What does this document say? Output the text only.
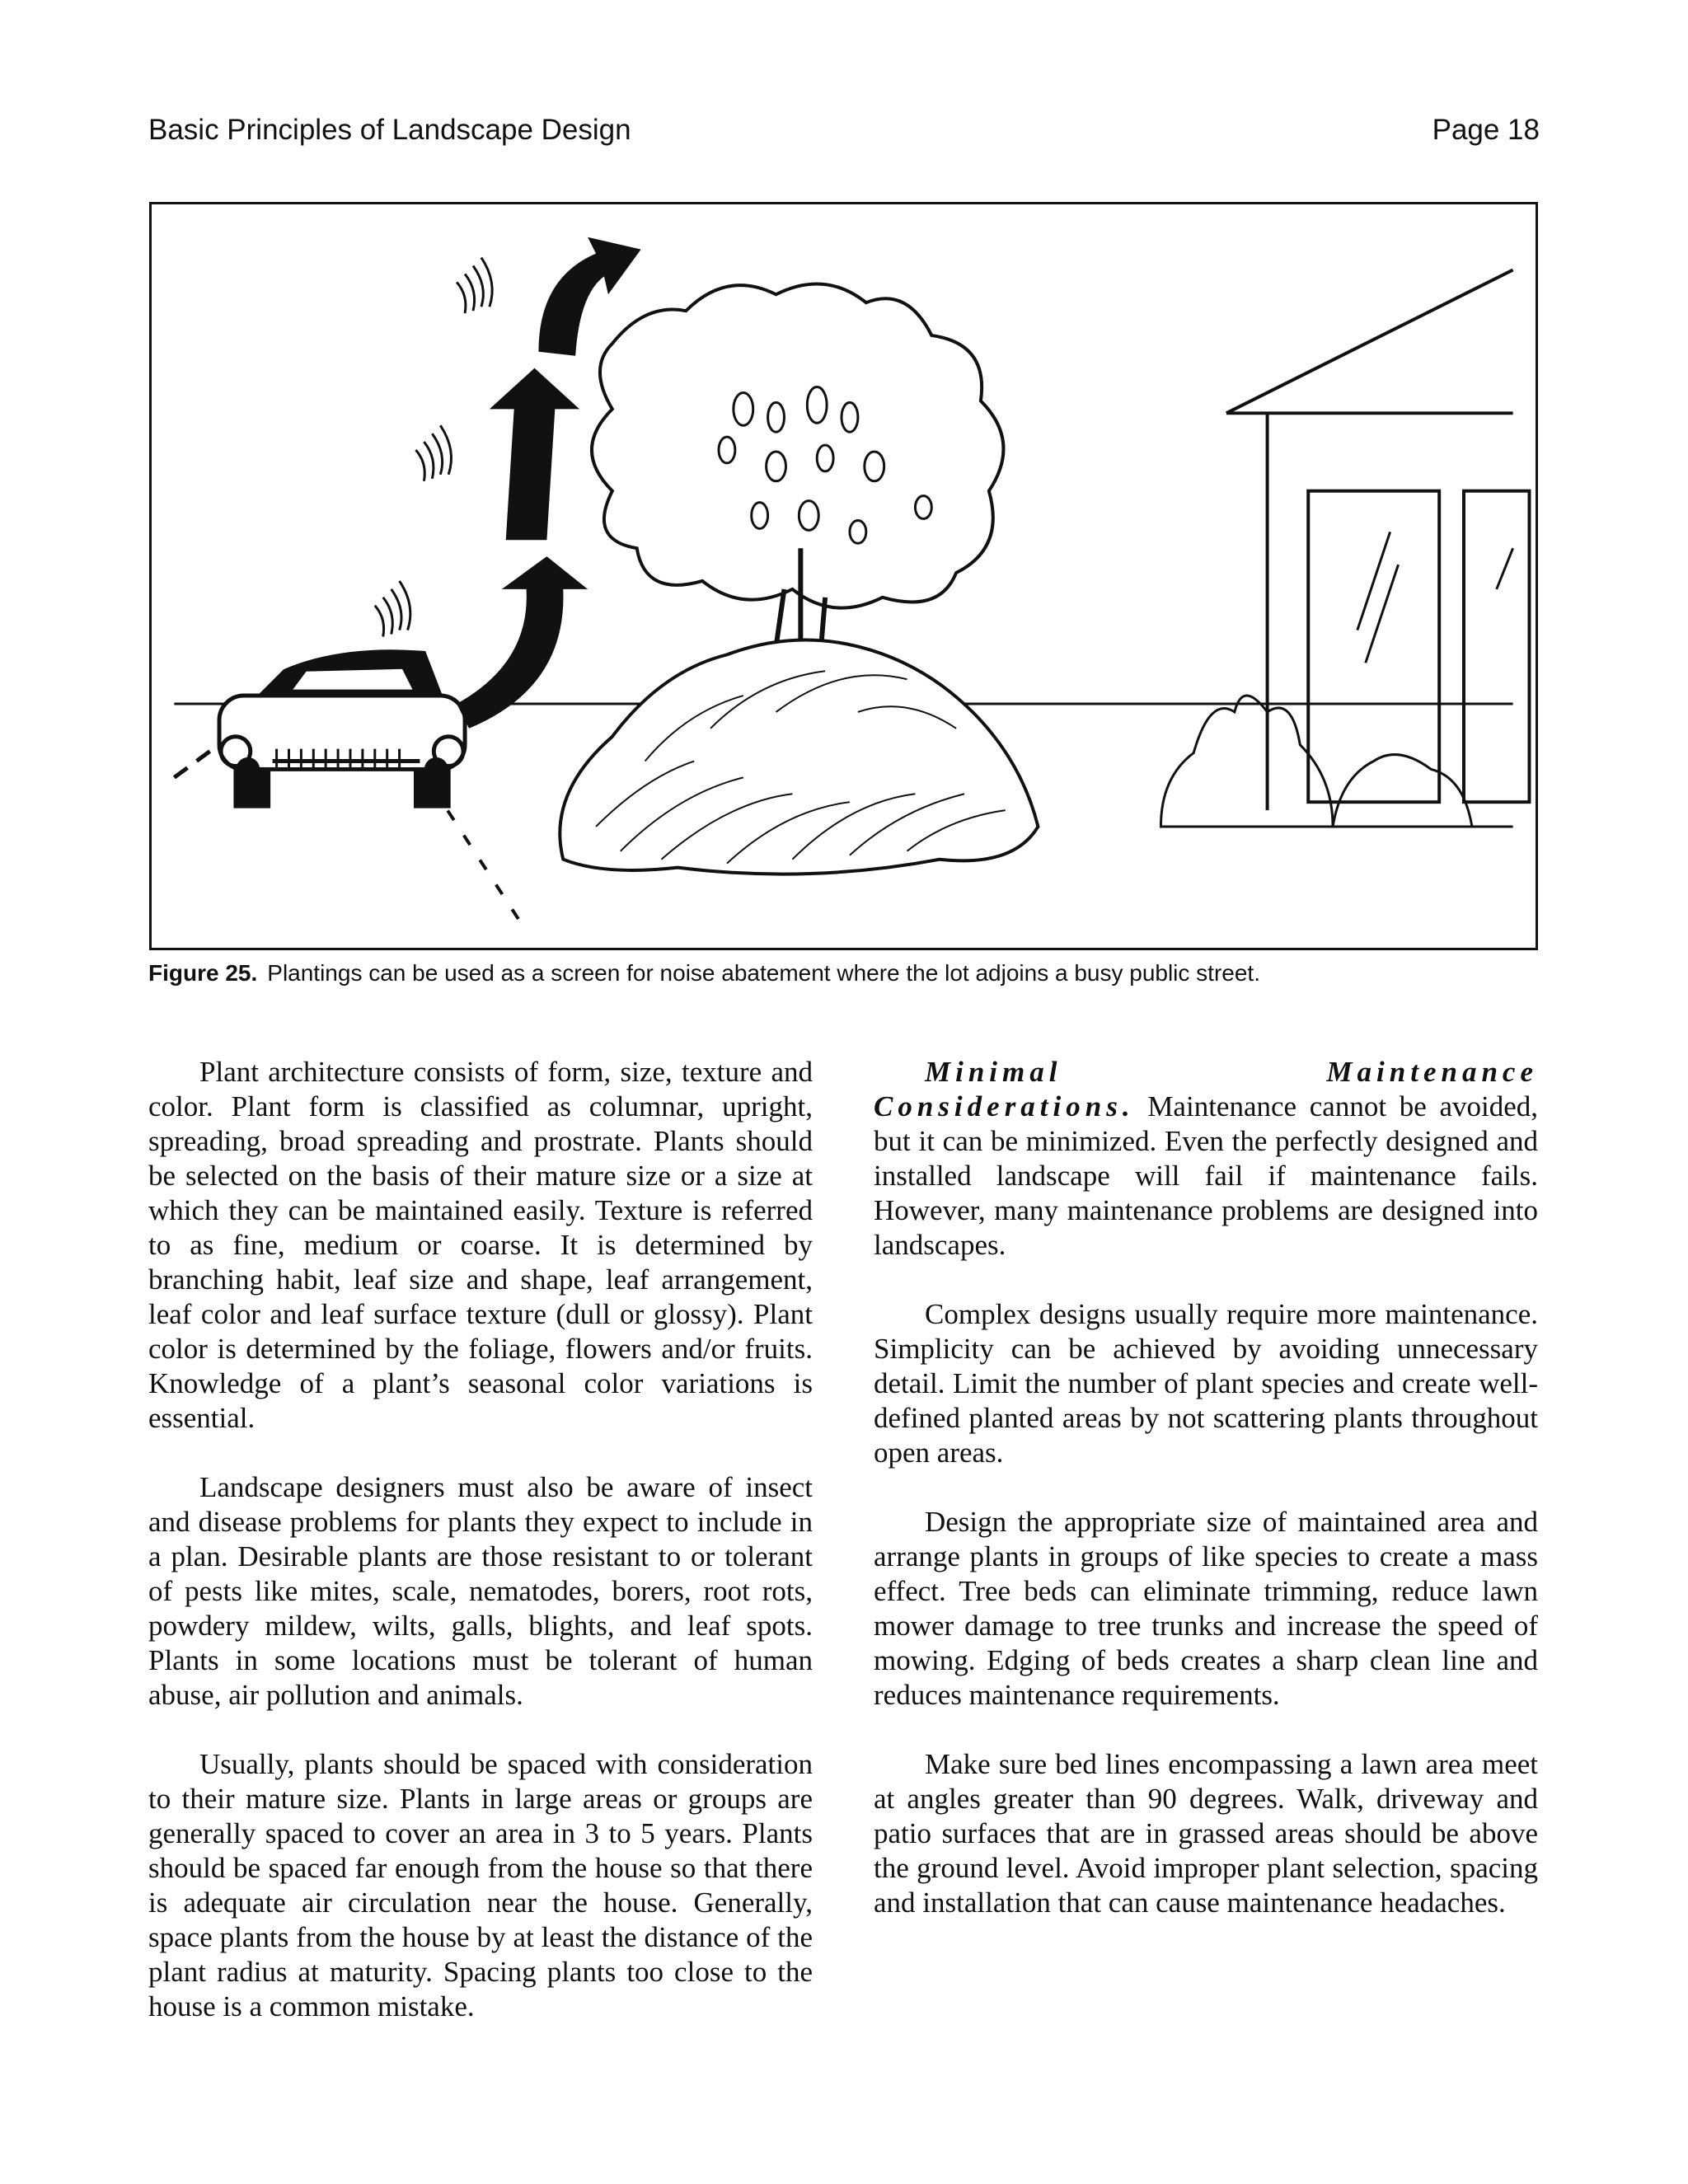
Basic Principles of Landscape Design	Page 18
Figure 25. Plantings can be used as a screen for noise abatement where the lot adjoins a busy public street.

Plant architecture consists of form, size, texture and color. Plant form is classified as columnar, upright, spreading, broad spreading and prostrate. Plants should be selected on the basis of their mature size or a size at which they can be maintained easily. Texture is referred to as fine, medium or coarse. It is determined by branching habit, leaf size and shape, leaf arrangement, leaf color and leaf surface texture (dull or glossy). Plant color is determined by the foliage, flowers and/or fruits. Knowledge of a plant’s seasonal color variations is essential.

Landscape designers must also be aware of insect and disease problems for plants they expect to include in a plan. Desirable plants are those resistant to or tolerant of pests like mites, scale, nematodes, borers, root rots, powdery mildew, wilts, galls, blights, and leaf spots. Plants in some locations must be tolerant of human abuse, air pollution and animals.

Usually, plants should be spaced with consideration to their mature size. Plants in large areas or groups are generally spaced to cover an area in 3 to 5 years. Plants should be spaced far enough from the house so that there is adequate air circulation near the house. Generally, space plants from the house by at least the distance of the plant radius at maturity. Spacing plants too close to the house is a common mistake.

Minimal Maintenance Considerations. Maintenance cannot be avoided, but it can be minimized. Even the perfectly designed and installed landscape will fail if maintenance fails. However, many maintenance problems are designed into landscapes.

Complex designs usually require more maintenance. Simplicity can be achieved by avoiding unnecessary detail. Limit the number of plant species and create well-defined planted areas by not scattering plants throughout open areas.

Design the appropriate size of maintained area and arrange plants in groups of like species to create a mass effect. Tree beds can eliminate trimming, reduce lawn mower damage to tree trunks and increase the speed of mowing. Edging of beds creates a sharp clean line and reduces maintenance requirements.

Make sure bed lines encompassing a lawn area meet at angles greater than 90 degrees. Walk, driveway and patio surfaces that are in grassed areas should be above the ground level. Avoid improper plant selection, spacing and installation that can cause maintenance headaches.
